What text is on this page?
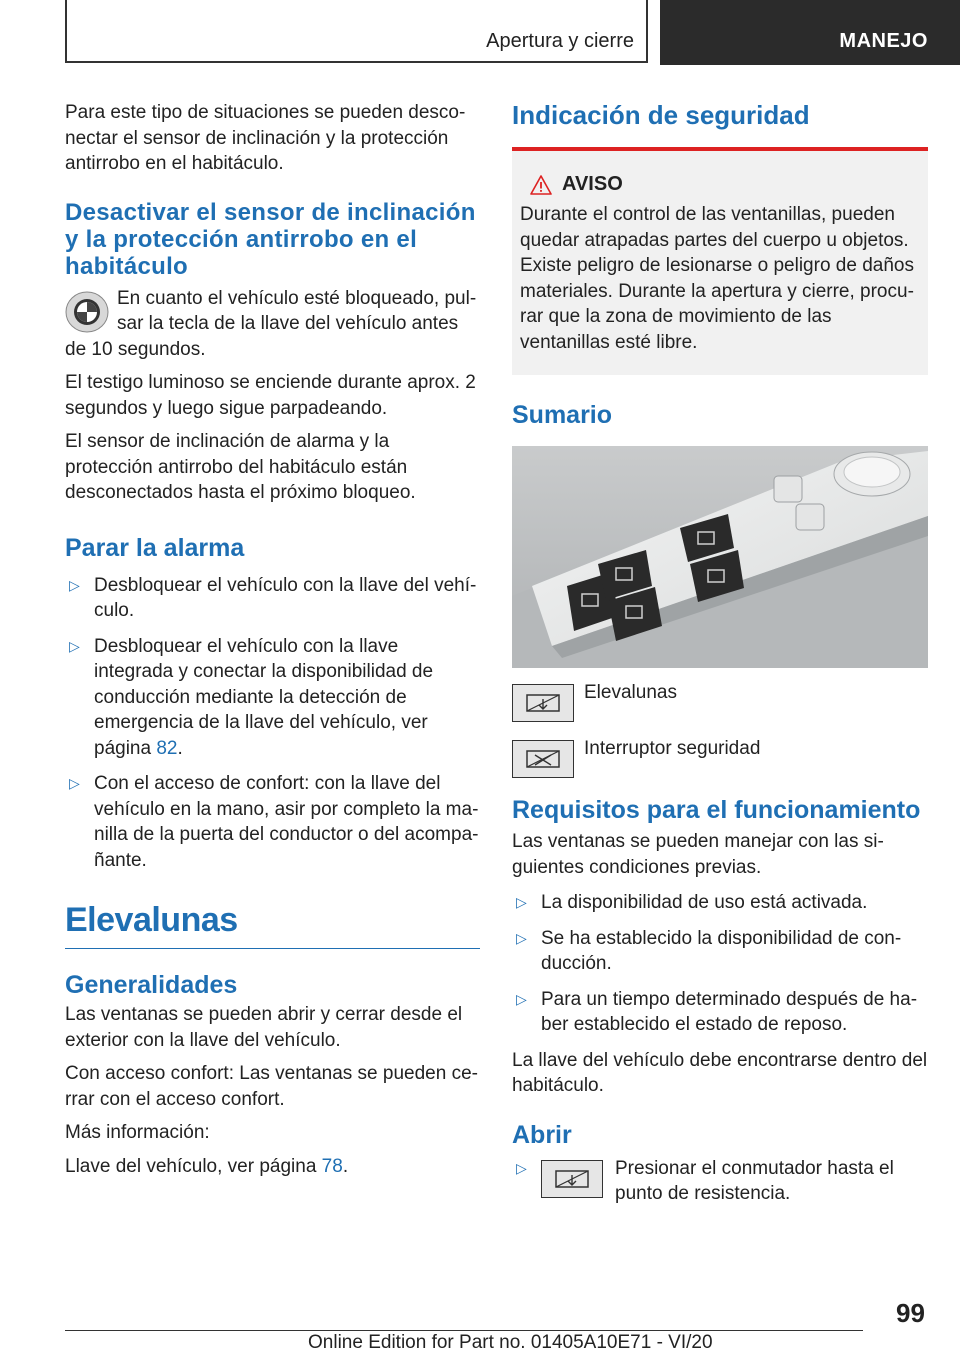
Apertura y cierre	MANEJO

Para este tipo de situaciones se pueden desconectar el sensor de inclinación y la protección antirrobo en el habitáculo.

Desactivar el sensor de inclinación y la protección antirrobo en el habitáculo

En cuanto el vehículo esté bloqueado, pulsar la tecla de la llave del vehículo antes de 10 segundos.

El testigo luminoso se enciende durante aprox. 2 segundos y luego sigue parpadeando.

El sensor de inclinación de alarma y la protección antirrobo del habitáculo están desconectados hasta el próximo bloqueo.

Parar la alarma
▷ Desbloquear el vehículo con la llave del vehículo.
▷ Desbloquear el vehículo con la llave integrada y conectar la disponibilidad de conducción mediante la detección de emergencia de la llave del vehículo, ver página 82.
▷ Con el acceso de confort: con la llave del vehículo en la mano, asir por completo la manilla de la puerta del conductor o del acompañante.
Elevalunas
Generalidades

Las ventanas se pueden abrir y cerrar desde el exterior con la llave del vehículo.

Con acceso confort: Las ventanas se pueden cerrar con el acceso confort.

Más información:

Llave del vehículo, ver página 78.

Indicación de seguridad
AVISO

Durante el control de las ventanillas, pueden quedar atrapadas partes del cuerpo u objetos. Existe peligro de lesionarse o peligro de daños materiales. Durante la apertura y cierre, procurar que la zona de movimiento de las ventanillas esté libre.

Sumario
Elevalunas
Interruptor seguridad
Requisitos para el funcionamiento

Las ventanas se pueden manejar con las siguientes condiciones previas.

▷ La disponibilidad de uso está activada.
▷ Se ha establecido la disponibilidad de conducción.
▷ Para un tiempo determinado después de haber establecido el estado de reposo.

La llave del vehículo debe encontrarse dentro del habitáculo.

Abrir
▷	Presionar el conmutador hasta el punto de resistencia.
99
Online Edition for Part no. 01405A10E71 - VI/20
